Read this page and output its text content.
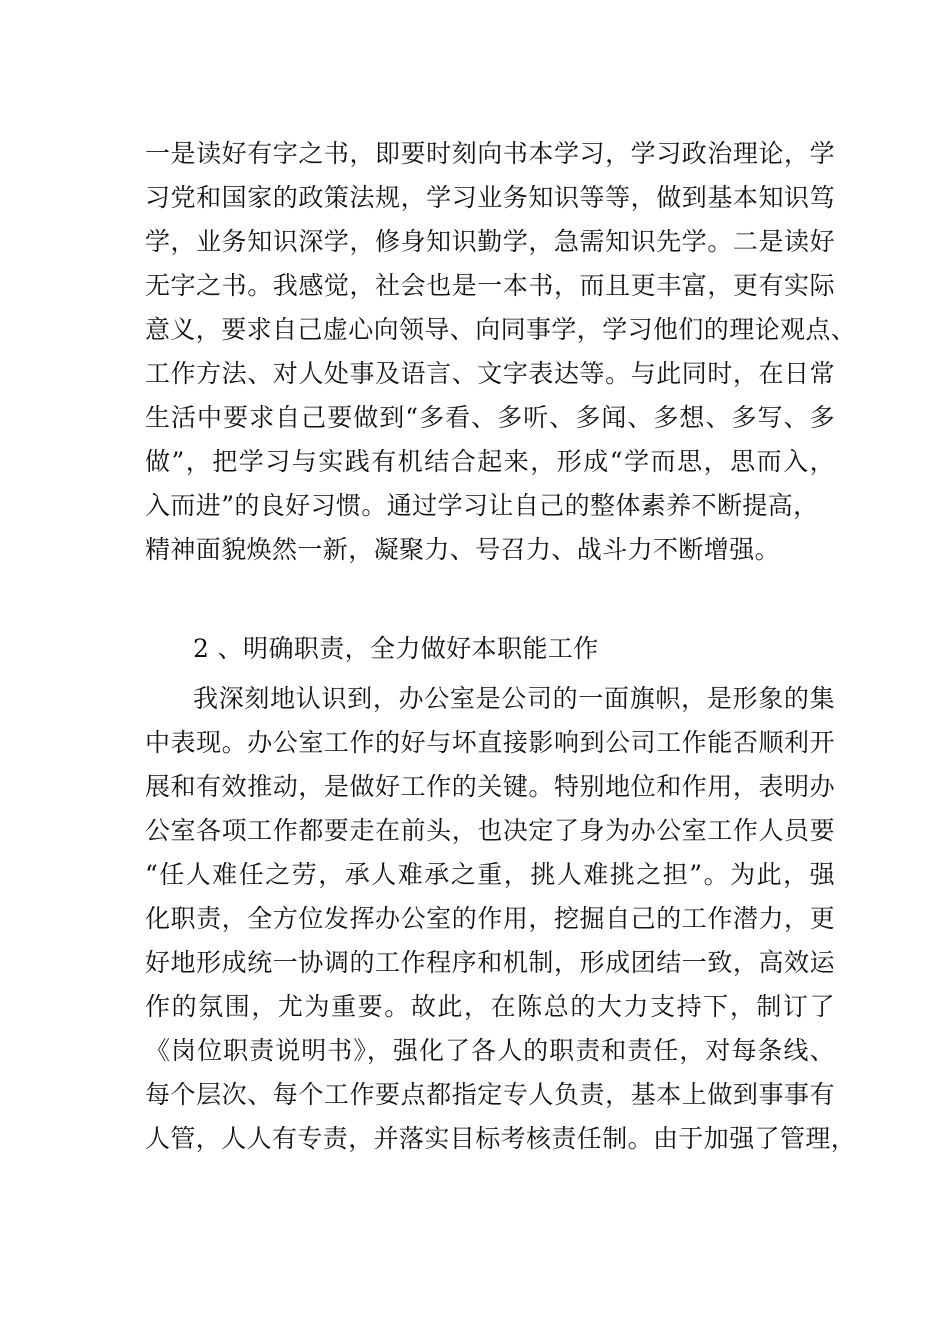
一是读好有字之书，即要时刻向书本学习，学习政治理论，学
习党和国家的政策法规，学习业务知识等等，做到基本知识笃
学，业务知识深学，修身知识勤学，急需知识先学。二是读好
无字之书。我感觉，社会也是一本书，而且更丰富，更有实际
意义，要求自己虚心向领导、向同事学，学习他们的理论观点、
工作方法、对人处事及语言、文字表达等。与此同时，在日常
生活中要求自己要做到“多看、多听、多闻、多想、多写、多
做”，把学习与实践有机结合起来，形成“学而思，思而入，
入而进”的良好习惯。通过学习让自己的整体素养不断提高，
精神面貌焕然一新，凝聚力、号召力、战斗力不断增强。
2 、明确职责，全力做好本职能工作
我深刻地认识到，办公室是公司的一面旗帜，是形象的集
中表现。办公室工作的好与坏直接影响到公司工作能否顺利开
展和有效推动，是做好工作的关键。特别地位和作用，表明办
公室各项工作都要走在前头，也决定了身为办公室工作人员要
“任人难任之劳，承人难承之重，挑人难挑之担”。为此，强
化职责，全方位发挥办公室的作用，挖掘自己的工作潜力，更
好地形成统一协调的工作程序和机制，形成团结一致，高效运
作的氛围，尤为重要。故此，在陈总的大力支持下，制订了
《岗位职责说明书》，强化了各人的职责和责任，对每条线、
每个层次、每个工作要点都指定专人负责，基本上做到事事有
人管，人人有专责，并落实目标考核责任制。由于加强了管理，
